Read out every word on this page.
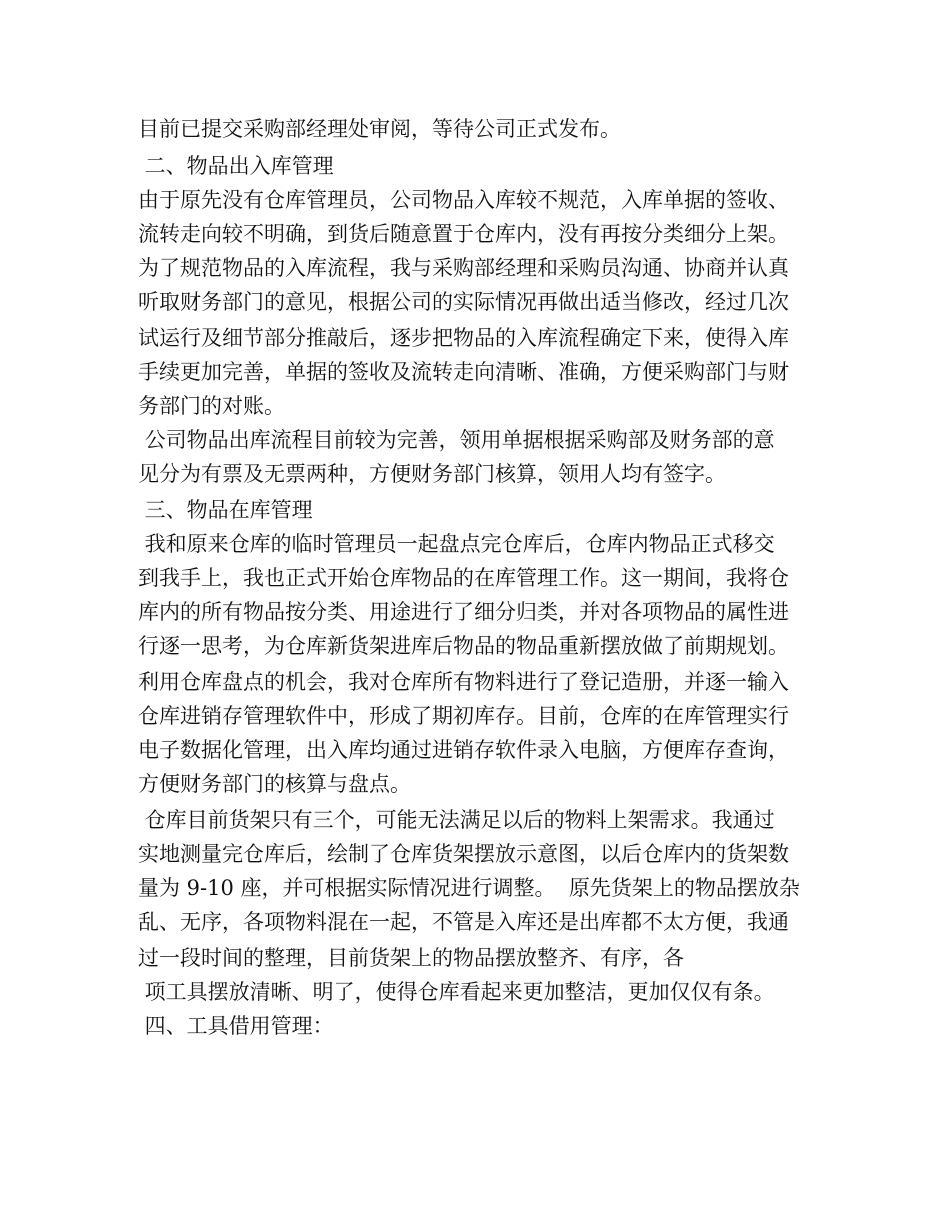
目前已提交采购部经理处审阅，等待公司正式发布。
二、物品出入库管理
由于原先没有仓库管理员，公司物品入库较不规范，入库单据的签收、
流转走向较不明确，到货后随意置于仓库内，没有再按分类细分上架。
为了规范物品的入库流程，我与采购部经理和采购员沟通、协商并认真
听取财务部门的意见，根据公司的实际情况再做出适当修改，经过几次
试运行及细节部分推敲后，逐步把物品的入库流程确定下来，使得入库
手续更加完善，单据的签收及流转走向清晰、准确，方便采购部门与财
务部门的对账。
公司物品出库流程目前较为完善，领用单据根据采购部及财务部的意
见分为有票及无票两种，方便财务部门核算，领用人均有签字。
三、物品在库管理
我和原来仓库的临时管理员一起盘点完仓库后，仓库内物品正式移交
到我手上，我也正式开始仓库物品的在库管理工作。这一期间，我将仓
库内的所有物品按分类、用途进行了细分归类，并对各项物品的属性进
行逐一思考，为仓库新货架进库后物品的物品重新摆放做了前期规划。
利用仓库盘点的机会，我对仓库所有物料进行了登记造册，并逐一输入
仓库进销存管理软件中，形成了期初库存。目前，仓库的在库管理实行
电子数据化管理，出入库均通过进销存软件录入电脑，方便库存查询，
方便财务部门的核算与盘点。
仓库目前货架只有三个，可能无法满足以后的物料上架需求。我通过
实地测量完仓库后，绘制了仓库货架摆放示意图，以后仓库内的货架数
量为 9-10 座，并可根据实际情况进行调整。  原先货架上的物品摆放杂
乱、无序，各项物料混在一起，不管是入库还是出库都不太方便，我通
过一段时间的整理，目前货架上的物品摆放整齐、有序，各
项工具摆放清晰、明了，使得仓库看起来更加整洁，更加仅仅有条。
四、工具借用管理：
